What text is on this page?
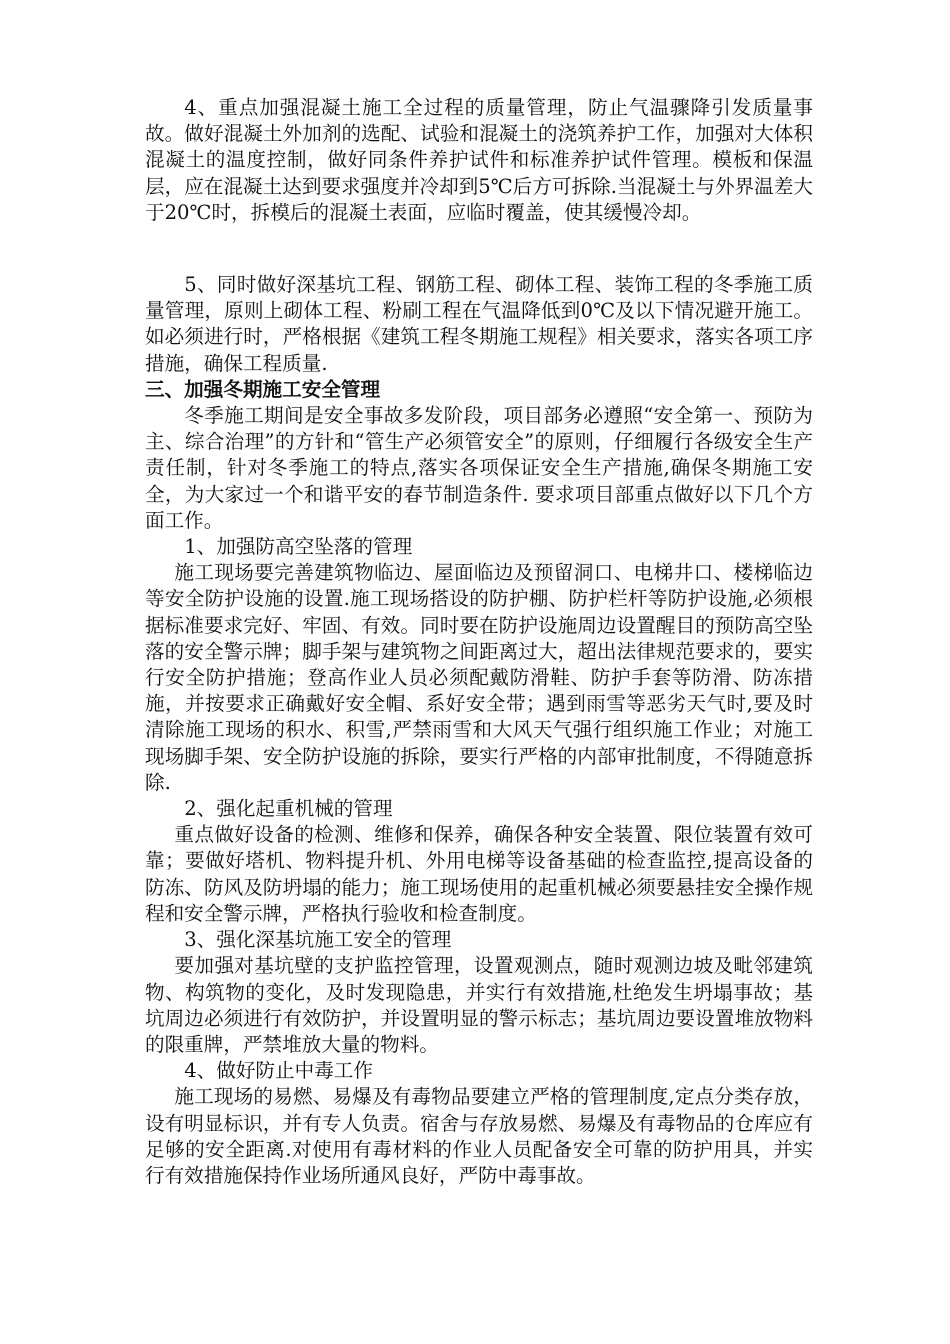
4、重点加强混凝土施工全过程的质量管理，防止气温骤降引发质量事故。做好混凝土外加剂的选配、试验和混凝土的浇筑养护工作，加强对大体积混凝土的温度控制，做好同条件养护试件和标准养护试件管理。模板和保温层，应在混凝土达到要求强度并冷却到5℃后方可拆除.当混凝土与外界温差大于20℃时，拆模后的混凝土表面，应临时覆盖，使其缓慢冷却。

5、同时做好深基坑工程、钢筋工程、砌体工程、装饰工程的冬季施工质量管理，原则上砌体工程、粉刷工程在气温降低到0℃及以下情况避开施工。如必须进行时，严格根据《建筑工程冬期施工规程》相关要求，落实各项工序措施，确保工程质量.

三、加强冬期施工安全管理

冬季施工期间是安全事故多发阶段，项目部务必遵照“安全第一、预防为主、综合治理”的方针和“管生产必须管安全”的原则，仔细履行各级安全生产责任制，针对冬季施工的特点,落实各项保证安全生产措施,确保冬期施工安全，为大家过一个和谐平安的春节制造条件. 要求项目部重点做好以下几个方面工作。

1、加强防高空坠落的管理

施工现场要完善建筑物临边、屋面临边及预留洞口、电梯井口、楼梯临边等安全防护设施的设置.施工现场搭设的防护棚、防护栏杆等防护设施,必须根据标准要求完好、牢固、有效。同时要在防护设施周边设置醒目的预防高空坠落的安全警示牌；脚手架与建筑物之间距离过大，超出法律规范要求的，要实行安全防护措施；登高作业人员必须配戴防滑鞋、防护手套等防滑、防冻措施，并按要求正确戴好安全帽、系好安全带；遇到雨雪等恶劣天气时,要及时清除施工现场的积水、积雪,严禁雨雪和大风天气强行组织施工作业；对施工现场脚手架、安全防护设施的拆除，要实行严格的内部审批制度，不得随意拆除.

2、强化起重机械的管理

重点做好设备的检测、维修和保养，确保各种安全装置、限位装置有效可靠；要做好塔机、物料提升机、外用电梯等设备基础的检查监控,提高设备的防冻、防风及防坍塌的能力；施工现场使用的起重机械必须要悬挂安全操作规程和安全警示牌，严格执行验收和检查制度。

3、强化深基坑施工安全的管理

要加强对基坑壁的支护监控管理，设置观测点，随时观测边坡及毗邻建筑物、构筑物的变化，及时发现隐患，并实行有效措施,杜绝发生坍塌事故；基坑周边必须进行有效防护，并设置明显的警示标志；基坑周边要设置堆放物料的限重牌，严禁堆放大量的物料。

4、做好防止中毒工作

施工现场的易燃、易爆及有毒物品要建立严格的管理制度,定点分类存放，设有明显标识，并有专人负责。宿舍与存放易燃、易爆及有毒物品的仓库应有足够的安全距离.对使用有毒材料的作业人员配备安全可靠的防护用具，并实行有效措施保持作业场所通风良好，严防中毒事故。
